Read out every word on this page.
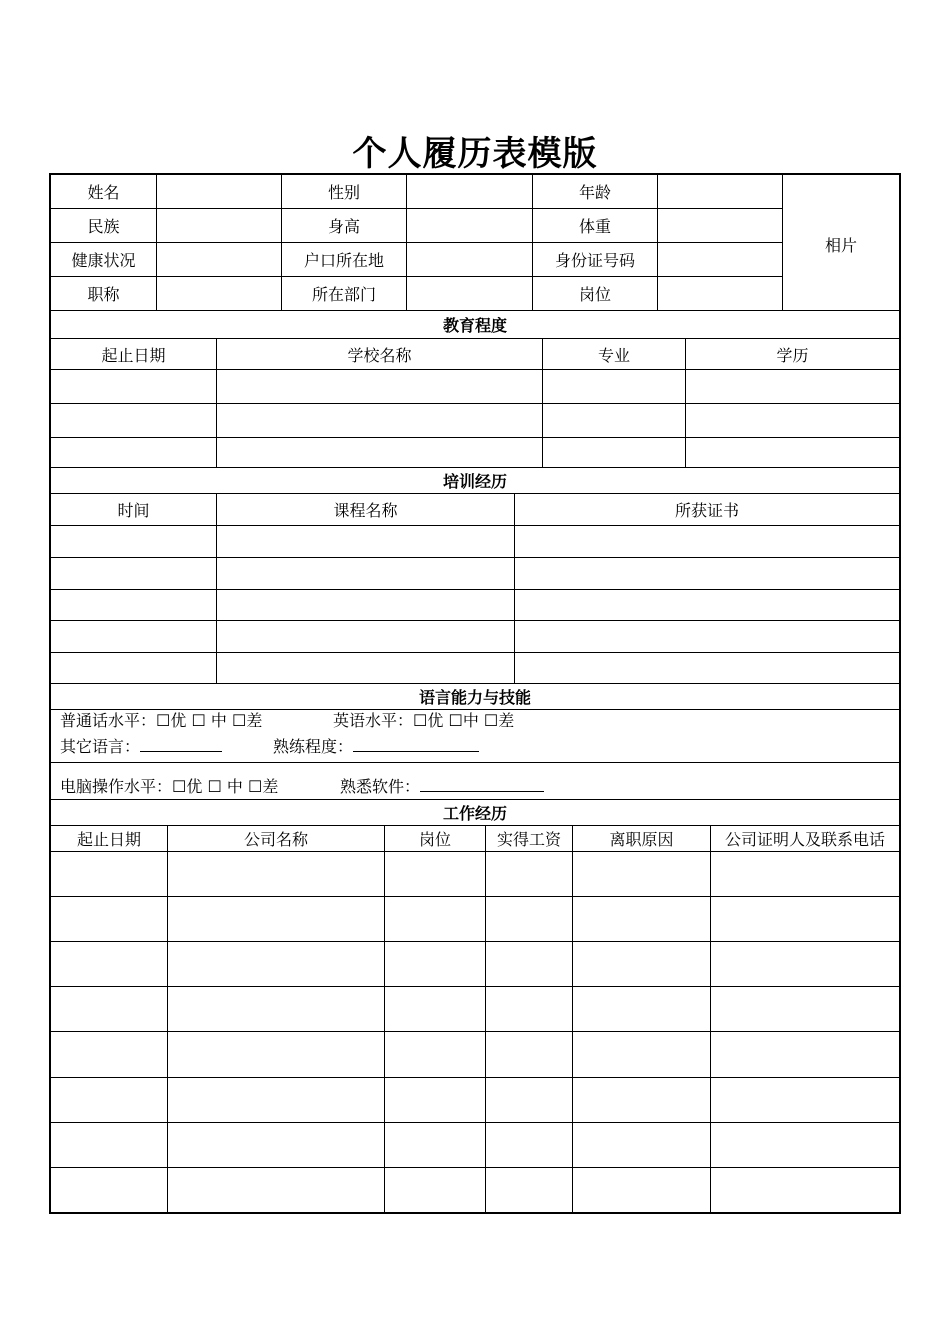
个人履历表模版
姓名	性别	年龄
民族	身高	体重
健康状况	户口所在地	身份证号码
职称	所在部门	岗位
相片
教育程度
起止日期	学校名称	专业	学历
培训经历
时间	课程名称	所获证书
语言能力与技能
普通话水平：☐优 ☐ 中 ☐差	英语水平：☐优 ☐中 ☐差
其它语言：	熟练程度：
电脑操作水平：☐优 ☐ 中 ☐差	熟悉软件：
工作经历
起止日期	公司名称	岗位	实得工资	离职原因	公司证明人及联系电话
